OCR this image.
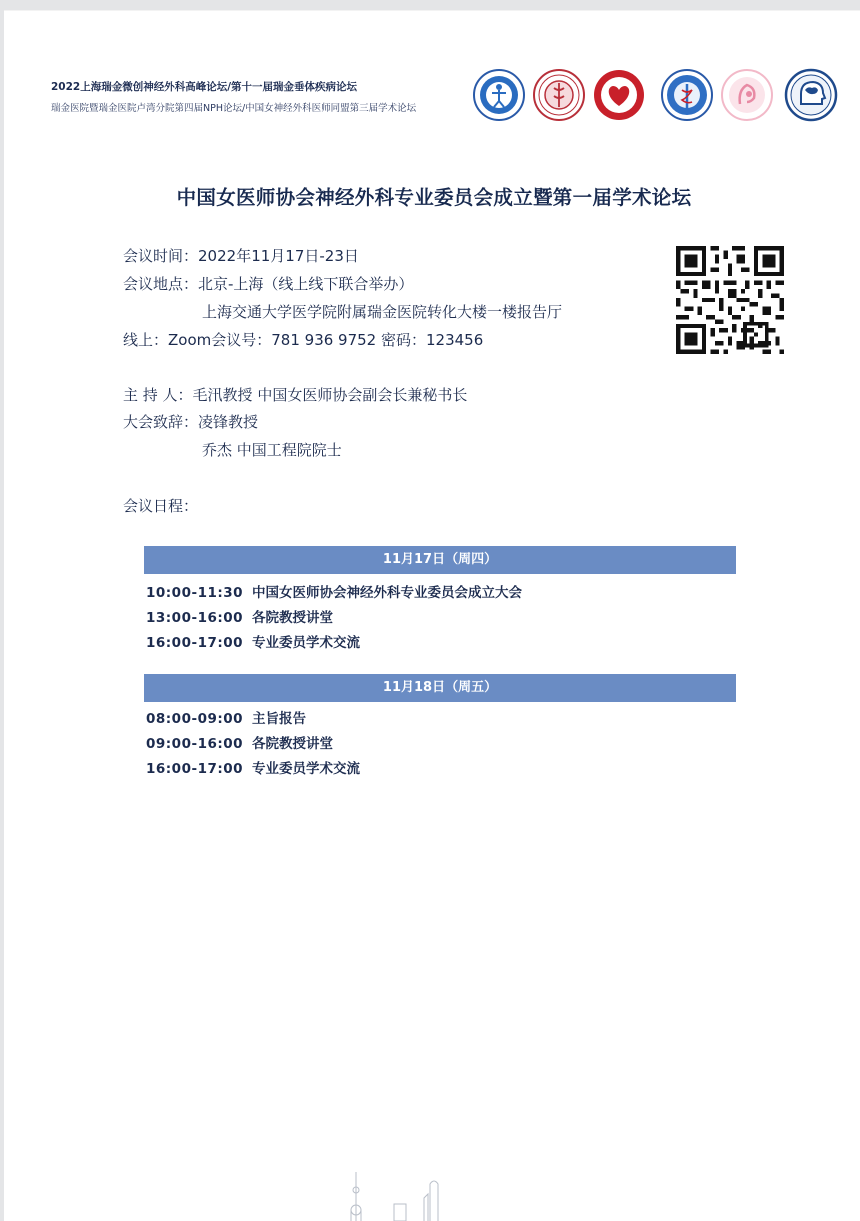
2022上海瑞金微创神经外科高峰论坛/第十一届瑞金垂体疾病论坛
瑞金医院暨瑞金医院卢湾分院第四届NPH论坛/中国女神经外科医师同盟第三届学术论坛
中国女医师协会神经外科专业委员会成立暨第一届学术论坛
会议时间：2022年11月17日-23日
会议地点：北京-上海（线上线下联合举办）
上海交通大学医学院附属瑞金医院转化大楼一楼报告厅
线上：Zoom会议号：781 936 9752 密码：123456
主 持 人：毛汛教授 中国女医师协会副会长兼秘书长
大会致辞：凌锋教授
乔杰 中国工程院院士
会议日程：
11月17日（周四）
10:00-11:30 中国女医师协会神经外科专业委员会成立大会
13:00-16:00 各院教授讲堂
16:00-17:00 专业委员学术交流
11月18日（周五）
08:00-09:00 主旨报告
09:00-16:00 各院教授讲堂
16:00-17:00 专业委员学术交流
